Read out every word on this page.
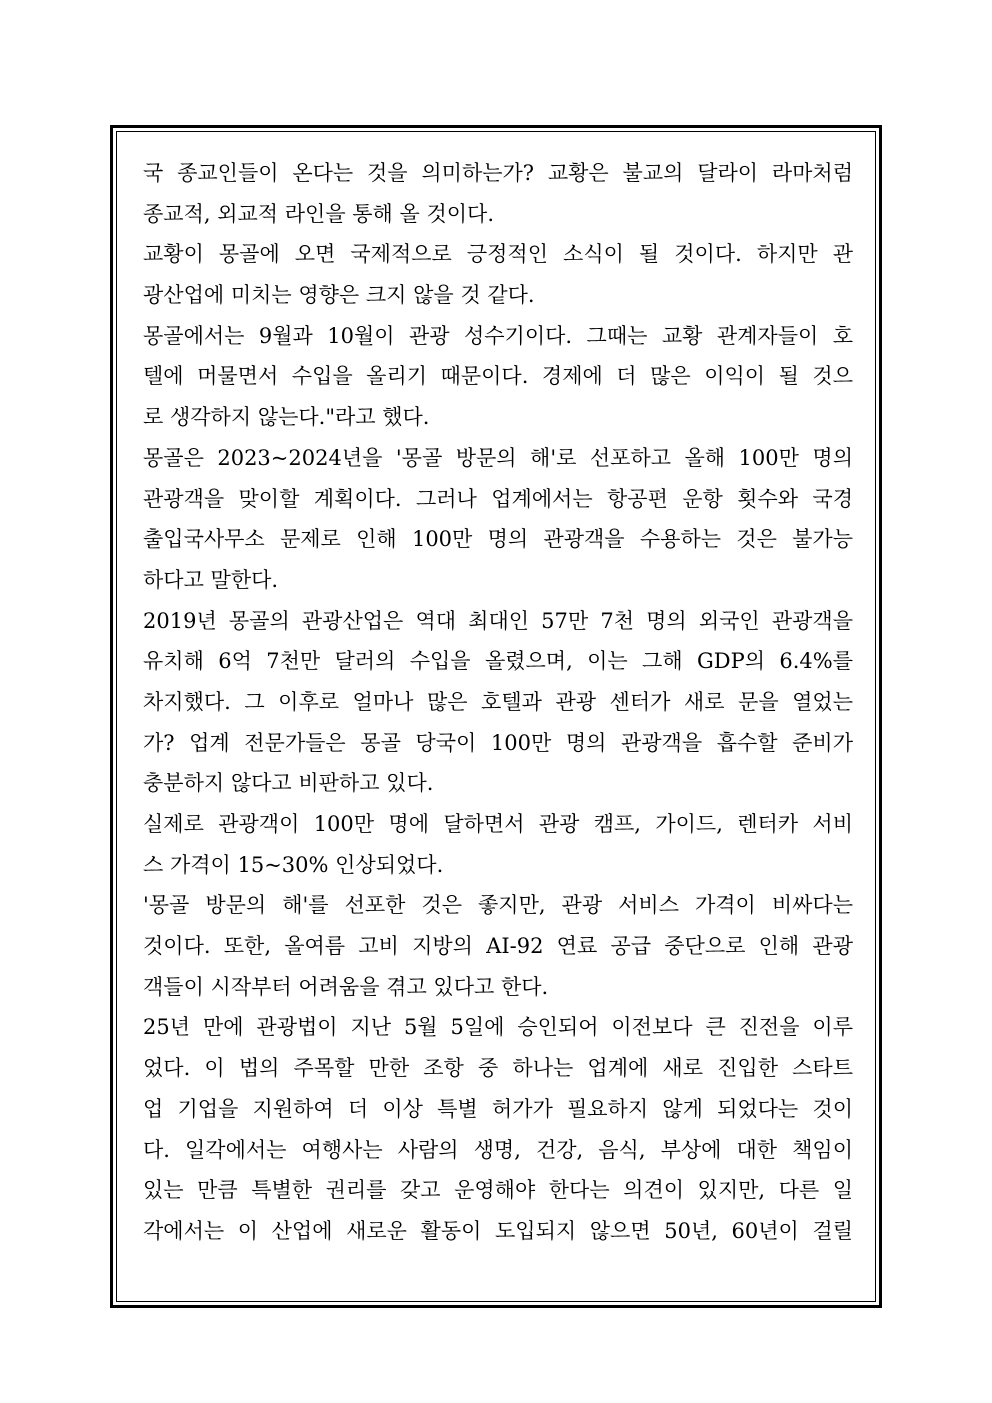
국 종교인들이 온다는 것을 의미하는가? 교황은 불교의 달라이 라마처럼
종교적, 외교적 라인을 통해 올 것이다.
교황이 몽골에 오면 국제적으로 긍정적인 소식이 될 것이다. 하지만 관
광산업에 미치는 영향은 크지 않을 것 같다.
몽골에서는 9월과 10월이 관광 성수기이다. 그때는 교황 관계자들이 호
텔에 머물면서 수입을 올리기 때문이다. 경제에 더 많은 이익이 될 것으
로 생각하지 않는다."라고 했다.
몽골은 2023~2024년을 '몽골 방문의 해'로 선포하고 올해 100만 명의
관광객을 맞이할 계획이다. 그러나 업계에서는 항공편 운항 횟수와 국경
출입국사무소 문제로 인해 100만 명의 관광객을 수용하는 것은 불가능
하다고 말한다.
2019년 몽골의 관광산업은 역대 최대인 57만 7천 명의 외국인 관광객을
유치해 6억 7천만 달러의 수입을 올렸으며, 이는 그해 GDP의 6.4%를
차지했다. 그 이후로 얼마나 많은 호텔과 관광 센터가 새로 문을 열었는
가? 업계 전문가들은 몽골 당국이 100만 명의 관광객을 흡수할 준비가
충분하지 않다고 비판하고 있다.
실제로 관광객이 100만 명에 달하면서 관광 캠프, 가이드, 렌터카 서비
스 가격이 15~30% 인상되었다.
'몽골 방문의 해'를 선포한 것은 좋지만, 관광 서비스 가격이 비싸다는
것이다. 또한, 올여름 고비 지방의 AI-92 연료 공급 중단으로 인해 관광
객들이 시작부터 어려움을 겪고 있다고 한다.
25년 만에 관광법이 지난 5월 5일에 승인되어 이전보다 큰 진전을 이루
었다. 이 법의 주목할 만한 조항 중 하나는 업계에 새로 진입한 스타트
업 기업을 지원하여 더 이상 특별 허가가 필요하지 않게 되었다는 것이
다. 일각에서는 여행사는 사람의 생명, 건강, 음식, 부상에 대한 책임이
있는 만큼 특별한 권리를 갖고 운영해야 한다는 의견이 있지만, 다른 일
각에서는 이 산업에 새로운 활동이 도입되지 않으면 50년, 60년이 걸릴
